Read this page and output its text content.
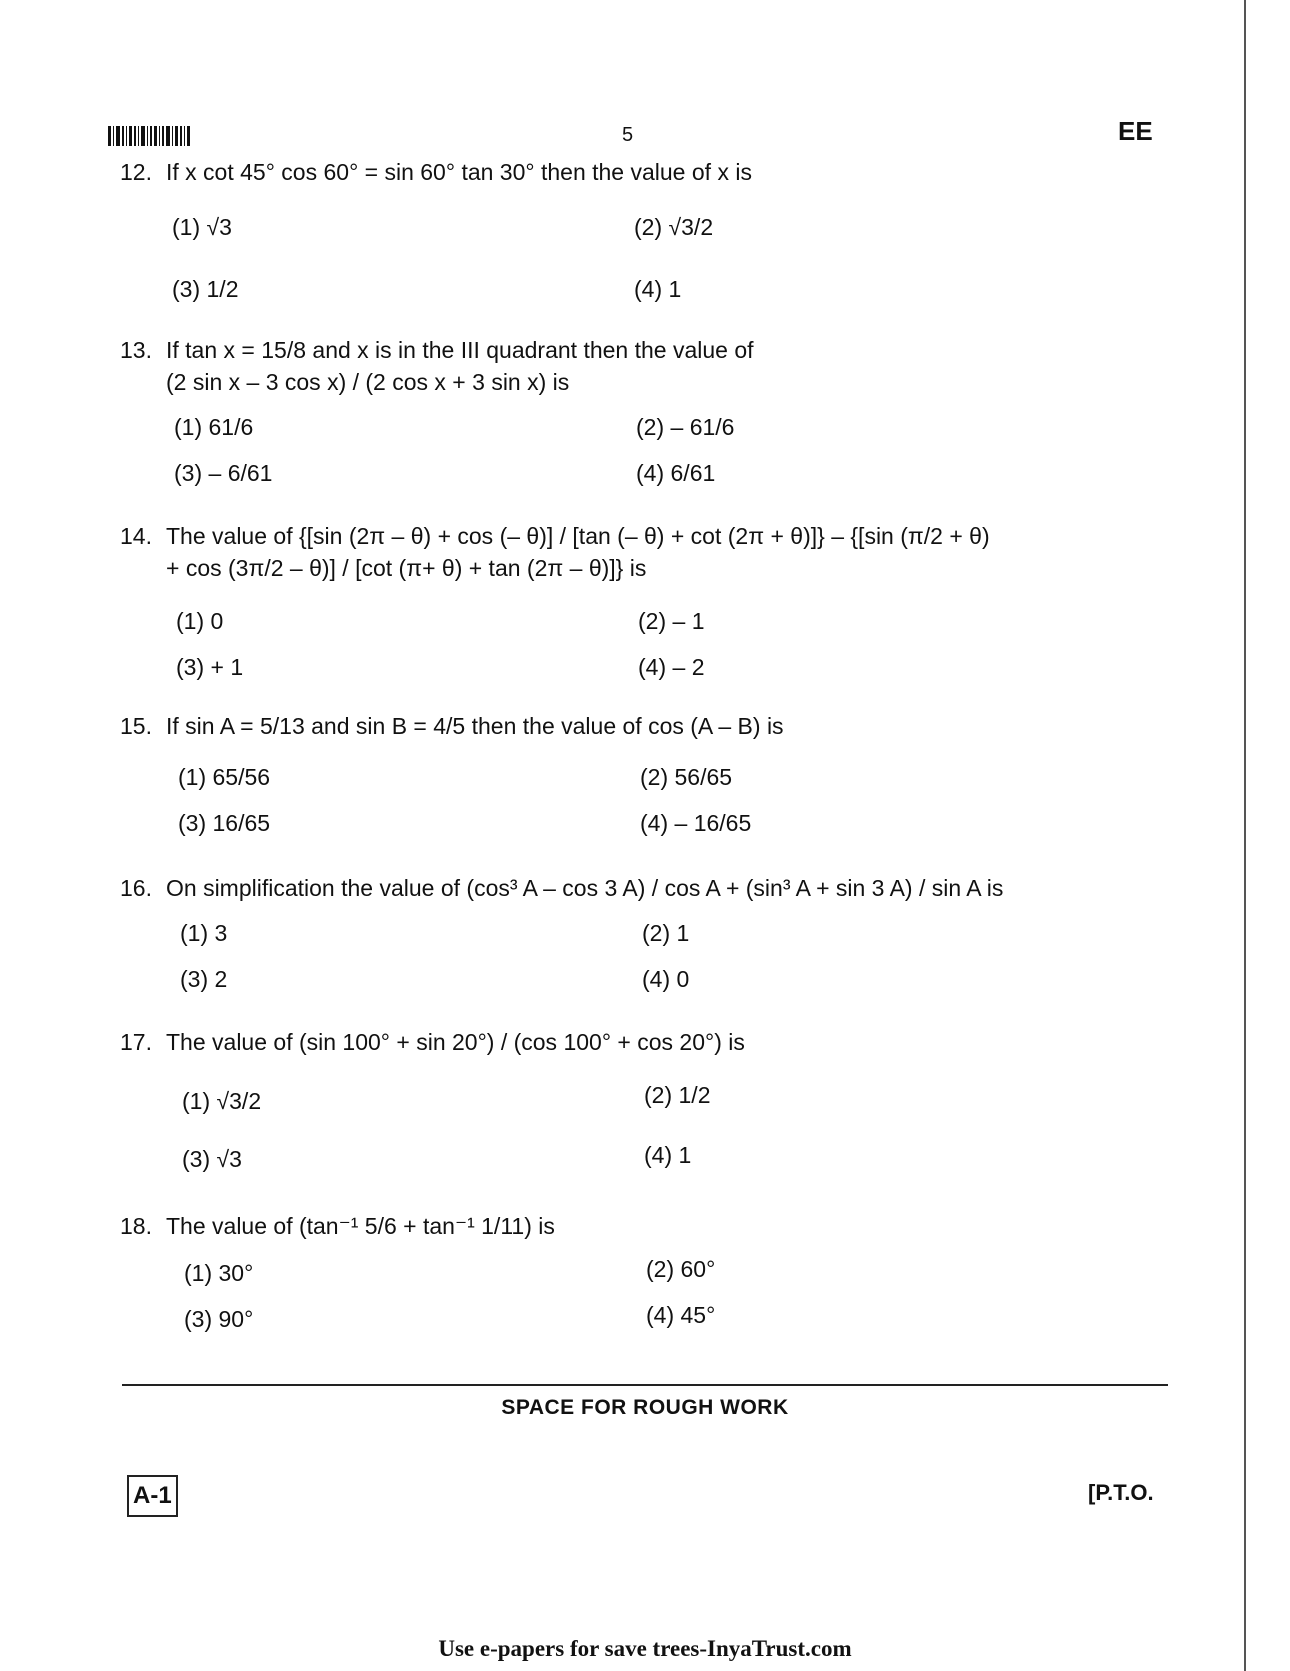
5	EE
12. If x cot 45° cos 60° = sin 60° tan 30° then the value of x is
(1) √3	(2) √3/2
(3) 1/2	(4) 1
13. If tan x = 15/8 and x is in the III quadrant then the value of
(2 sin x – 3 cos x) / (2 cos x + 3 sin x) is
(1) 61/6	(2) – 61/6
(3) – 6/61	(4) 6/61
14. The value of {[sin (2π – θ) + cos (– θ)] / [tan (– θ) + cot (2π + θ)]} – {[sin (π/2 + θ)
+ cos (3π/2 – θ)] / [cot (π+ θ) + tan (2π – θ)]} is
(1) 0	(2) – 1
(3) + 1	(4) – 2
15. If sin A = 5/13 and sin B = 4/5 then the value of cos (A – B) is
(1) 65/56	(2) 56/65
(3) 16/65	(4) – 16/65
16. On simplification the value of (cos³ A – cos 3 A) / cos A + (sin³ A + sin 3 A) / sin A is
(1) 3	(2) 1
(3) 2	(4) 0
17. The value of (sin 100° + sin 20°) / (cos 100° + cos 20°) is
(1) √3/2	(2) 1/2
(3) √3	(4) 1
18. The value of (tan⁻¹ 5/6 + tan⁻¹ 1/11) is
(1) 30°	(2) 60°
(3) 90°	(4) 45°
SPACE FOR ROUGH WORK
A-1	[P.T.O.
Use e-papers for save trees-InyaTrust.com
